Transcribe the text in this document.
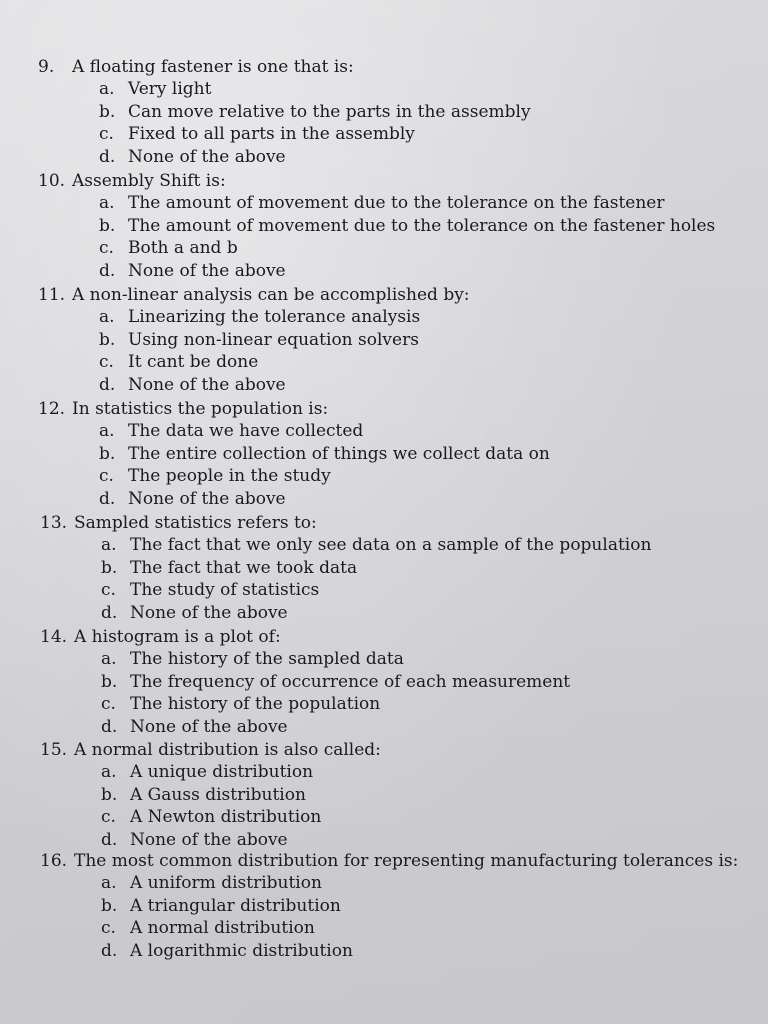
9.	A floating fastener is one that is:
a. Very light
b. Can move relative to the parts in the assembly
c. Fixed to all parts in the assembly
d. None of the above
10. Assembly Shift is:
a. The amount of movement due to the tolerance on the fastener
b. The amount of movement due to the tolerance on the fastener holes
c. Both a and b
d. None of the above
11. A non-linear analysis can be accomplished by:
a. Linearizing the tolerance analysis
b. Using non-linear equation solvers
c. It cant be done
d. None of the above
12. In statistics the population is:
a. The data we have collected
b. The entire collection of things we collect data on
c. The people in the study
d. None of the above
13. Sampled statistics refers to:
a. The fact that we only see data on a sample of the population
b. The fact that we took data
c. The study of statistics
d. None of the above
14. A histogram is a plot of:
a. The history of the sampled data
b. The frequency of occurrence of each measurement
c. The history of the population
d. None of the above
15. A normal distribution is also called:
a. A unique distribution
b. A Gauss distribution
c. A Newton distribution
d. None of the above
16. The most common distribution for representing manufacturing tolerances is:
a. A uniform distribution
b. A triangular distribution
c. A normal distribution
d. A logarithmic distribution
